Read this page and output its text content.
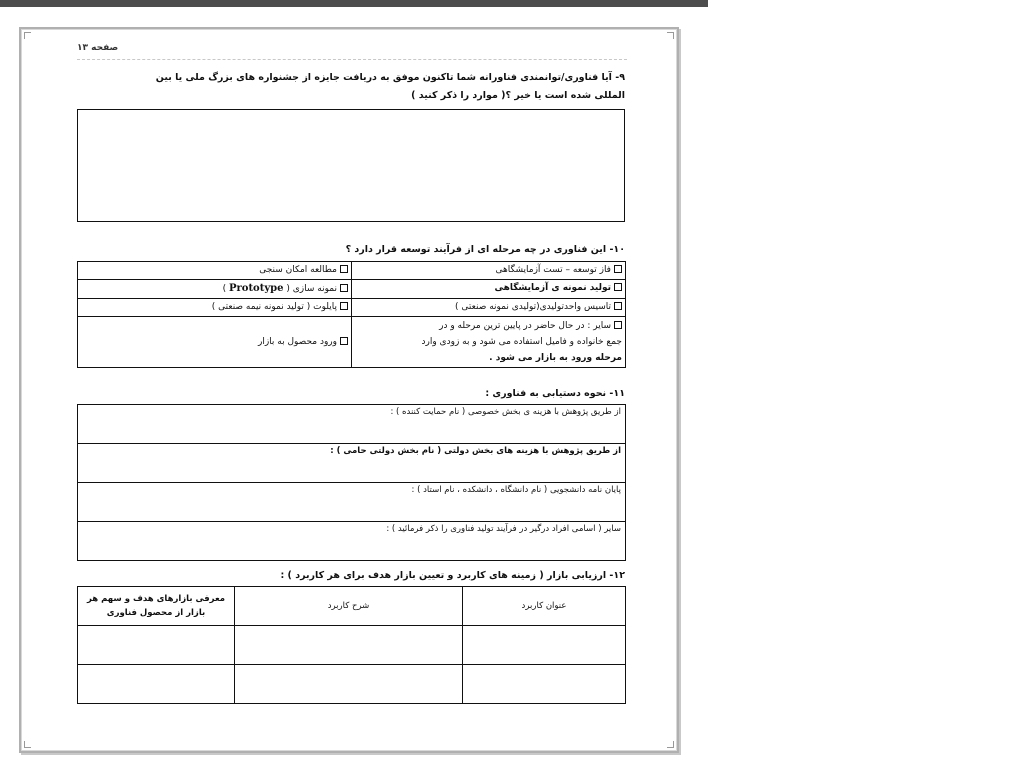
۱۳ صفحه
۹- آیا فناوری/توانمندی فناورانه شما تاکنون موفق به دریافت جایزه از جشنواره های بزرگ ملی یا بین
المللی شده است یا خیر ؟( موارد را ذکر کنید )
۱۰- این فناوری در چه مرحله ای از فرآیند توسعه قرار دارد ؟
فاز توسعه – تست آزمایشگاهی	مطالعه امکان سنجی
تولید نمونه ی آزمایشگاهی	نمونه سازی ( Prototype )
تاسیس واحدتولیدی(تولیدی نمونه صنعتی )	پایلوت ( تولید نمونه نیمه صنعتی )

سایر : در حال حاضر در پایین ترین مرحله و در
جمع خانواده و فامیل استفاده می شود و به زودی وارد
مرحله ورود به بازار می شود .	ورود محصول به بازار
۱۱- نحوه دستیابی به فناوری :
از طریق پژوهش با هزینه ی بخش خصوصی ( نام حمایت کننده ) :
از طریق پژوهش با هزینه های بخش دولتی ( نام بخش دولتی حامی ) :
پایان نامه دانشجویی ( نام دانشگاه ، دانشکده ، نام استاد ) :
سایر ( اسامی افراد درگیر در فرآیند تولید فناوری را ذکر فرمائید ) :
۱۲- ارزیابی بازار ( زمینه های کاربرد و تعیین بازار هدف برای هر کاربرد ) :
عنوان کاربرد	شرح کاربرد	معرفی بازارهای هدف و سهم هر
بازار از محصول فناوری
